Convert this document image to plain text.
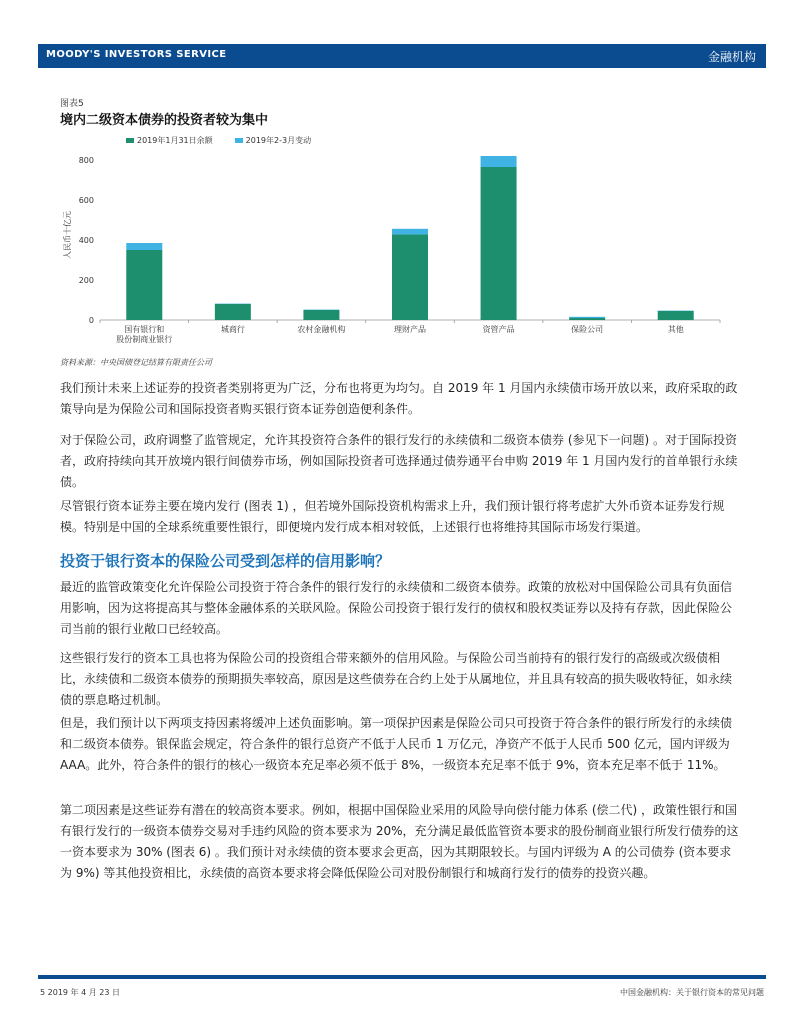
MOODY'S INVESTORS SERVICE	金融机构
图表5
境内二级资本债券的投资者较为集中
2019年1月31日余额	2019年2-3月变动
人民币十亿元
0
200
400
600
800
国有银行和
股份制商业银行
城商行	农村金融机构	理财产品	资管产品	保险公司	其他
资料来源：中央国债登记结算有限责任公司

我们预计未来上述证券的投资者类别将更为广泛，分布也将更为均匀。自 2019 年 1 月国内永续债市场开放以来，政府采取的政策导向是为保险公司和国际投资者购买银行资本证券创造便利条件。

对于保险公司，政府调整了监管规定，允许其投资符合条件的银行发行的永续债和二级资本债券 (参见下一问题) 。对于国际投资者，政府持续向其开放境内银行间债券市场，例如国际投资者可选择通过债券通平台申购 2019 年 1 月国内发行的首单银行永续债。

尽管银行资本证券主要在境内发行 (图表 1) ，但若境外国际投资机构需求上升，我们预计银行将考虑扩大外币资本证券发行规模。特别是中国的全球系统重要性银行，即便境内发行成本相对较低，上述银行也将维持其国际市场发行渠道。

投资于银行资本的保险公司受到怎样的信用影响？

最近的监管政策变化允许保险公司投资于符合条件的银行发行的永续债和二级资本债券。政策的放松对中国保险公司具有负面信用影响，因为这将提高其与整体金融体系的关联风险。保险公司投资于银行发行的债权和股权类证券以及持有存款，因此保险公司当前的银行业敞口已经较高。

这些银行发行的资本工具也将为保险公司的投资组合带来额外的信用风险。与保险公司当前持有的银行发行的高级或次级债相比，永续债和二级资本债券的预期损失率较高，原因是这些债券在合约上处于从属地位，并且具有较高的损失吸收特征，如永续债的票息略过机制。

但是，我们预计以下两项支持因素将缓冲上述负面影响。第一项保护因素是保险公司只可投资于符合条件的银行所发行的永续债和二级资本债券。银保监会规定，符合条件的银行总资产不低于人民币 1 万亿元，净资产不低于人民币 500 亿元，国内评级为 AAA。此外，符合条件的银行的核心一级资本充足率必须不低于 8%，一级资本充足率不低于 9%，资本充足率不低于 11%。

第二项因素是这些证券有潜在的较高资本要求。例如，根据中国保险业采用的风险导向偿付能力体系 (偿二代) ，政策性银行和国有银行发行的一级资本债券交易对手违约风险的资本要求为 20%，充分满足最低监管资本要求的股份制商业银行所发行债券的这一资本要求为 30% (图表 6) 。我们预计对永续债的资本要求会更高，因为其期限较长。与国内评级为 A 的公司债券 (资本要求为 9%) 等其他投资相比，永续债的高资本要求将会降低保险公司对股份制银行和城商行发行的债券的投资兴趣。

5 2019 年 4 月 23 日	中国金融机构：关于银行资本的常见问题
